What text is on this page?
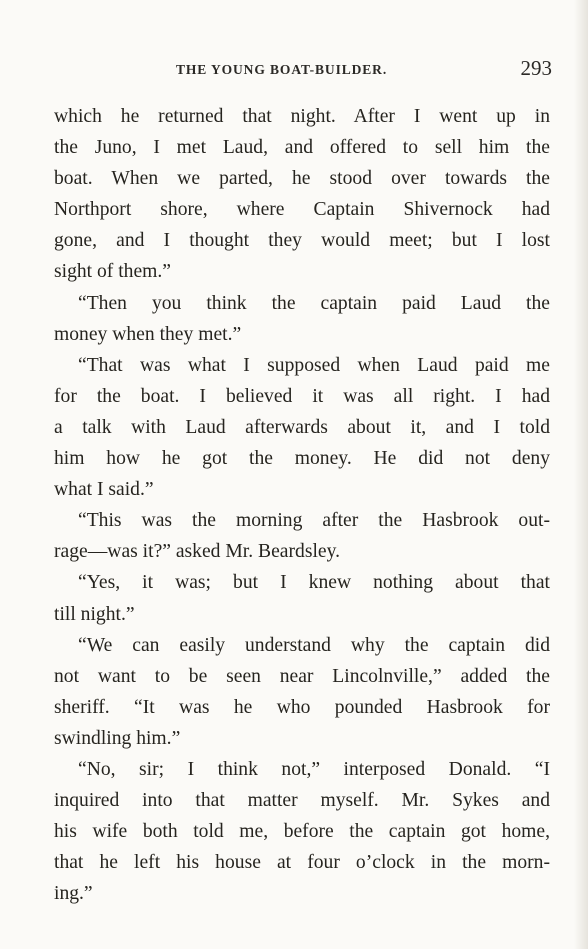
THE YOUNG BOAT-BUILDER.	293
which he returned that night. After I went up in
the Juno, I met Laud, and offered to sell him the
boat. When we parted, he stood over towards the
Northport shore, where Captain Shivernock had
gone, and I thought they would meet; but I lost
sight of them.”
“Then you think the captain paid Laud the
money when they met.”
“That was what I supposed when Laud paid me
for the boat. I believed it was all right. I had
a talk with Laud afterwards about it, and I told
him how he got the money. He did not deny
what I said.”
“This was the morning after the Hasbrook out-
rage—was it?” asked Mr. Beardsley.
“Yes, it was; but I knew nothing about that
till night.”
“We can easily understand why the captain did
not want to be seen near Lincolnville,” added the
sheriff. “It was he who pounded Hasbrook for
swindling him.”
“No, sir; I think not,” interposed Donald. “I
inquired into that matter myself. Mr. Sykes and
his wife both told me, before the captain got home,
that he left his house at four o’clock in the morn-
ing.”
